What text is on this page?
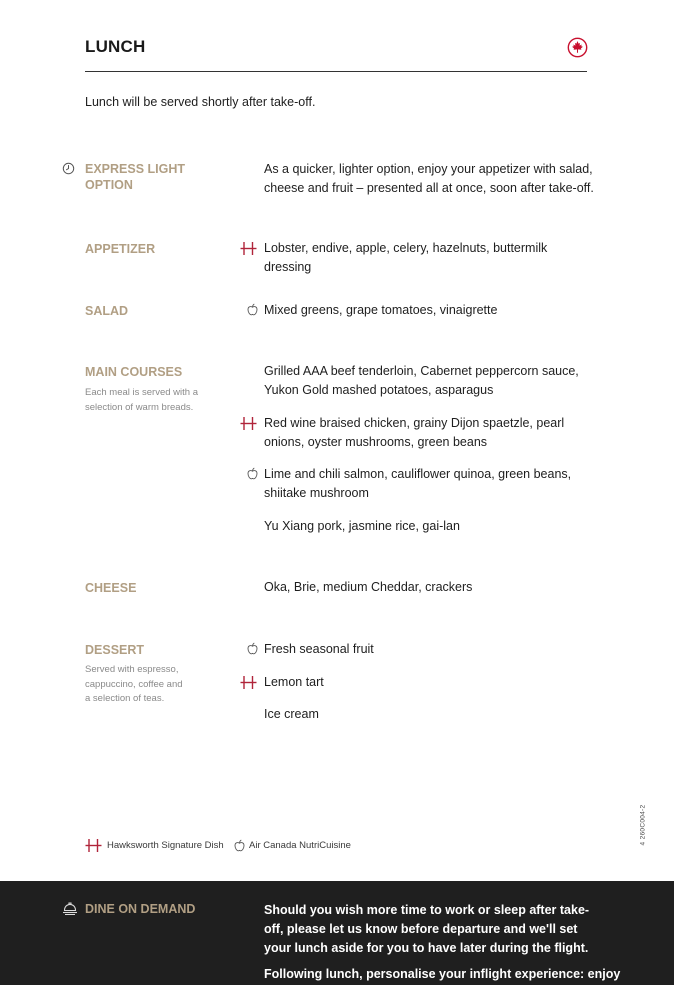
LUNCH
Lunch will be served shortly after take-off.
EXPRESS LIGHT OPTION
As a quicker, lighter option, enjoy your appetizer with salad, cheese and fruit – presented all at once, soon after take-off.
APPETIZER	Lobster, endive, apple, celery, hazelnuts, buttermilk dressing
SALAD	Mixed greens, grape tomatoes, vinaigrette
MAIN COURSES
Each meal is served with a selection of warm breads.
Grilled AAA beef tenderloin, Cabernet peppercorn sauce, Yukon Gold mashed potatoes, asparagus
Red wine braised chicken, grainy Dijon spaetzle, pearl onions, oyster mushrooms, green beans
Lime and chili salmon, cauliflower quinoa, green beans, shiitake mushroom
Yu Xiang pork, jasmine rice, gai-lan
CHEESE	Oka, Brie, medium Cheddar, crackers
DESSERT
Served with espresso, cappuccino, coffee and a selection of teas.
Fresh seasonal fruit
Lemon tart
Ice cream
Hawksworth Signature Dish	Air Canada NutriCuisine
4 260C004-2
DINE ON DEMAND	Should you wish more time to work or sleep after take-off, please let us know before departure and we'll set your lunch aside for you to have later during the flight.
Following lunch, personalise your inflight experience: enjoy
